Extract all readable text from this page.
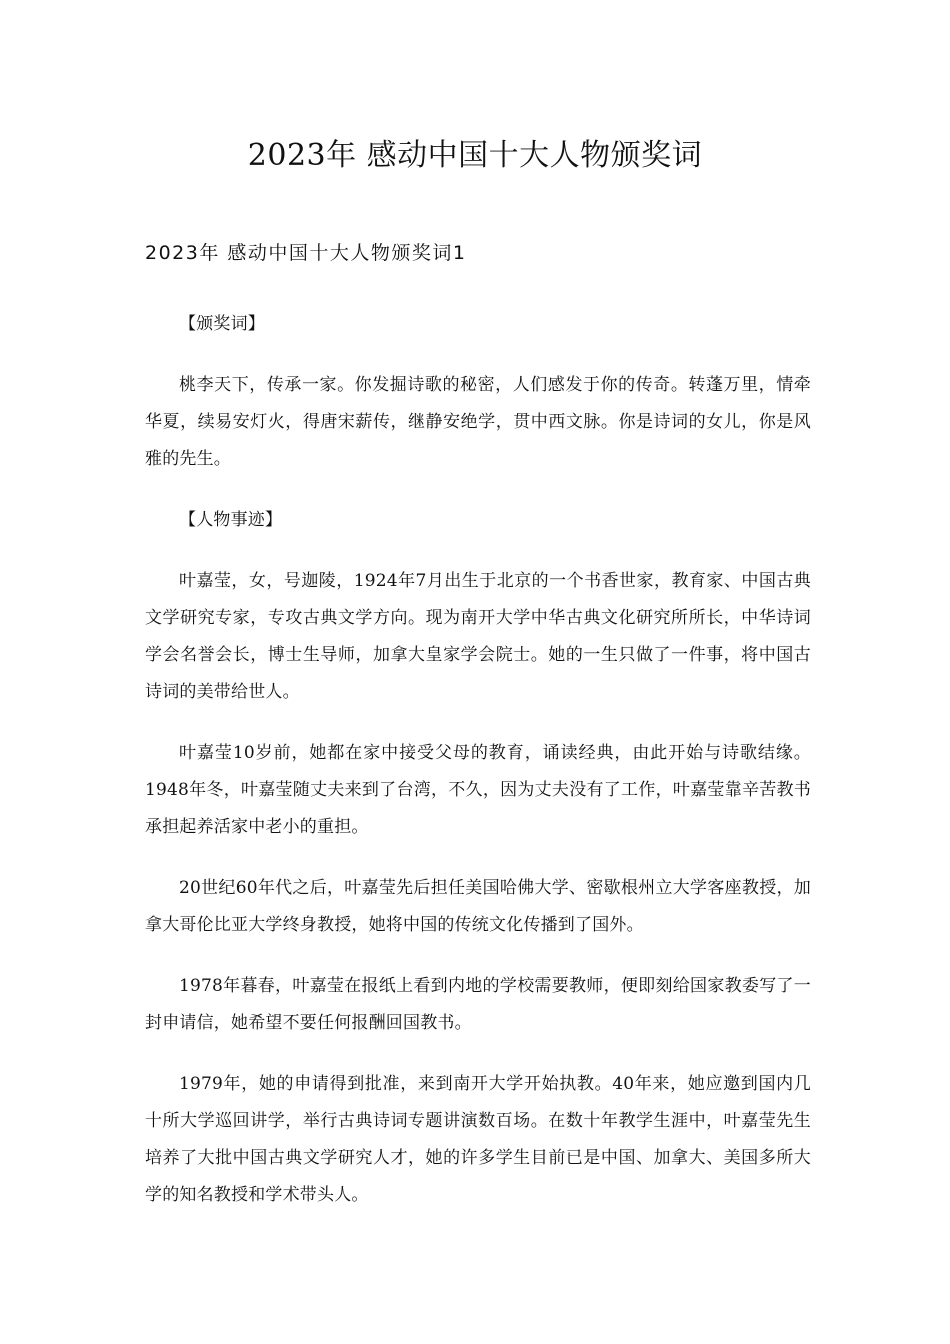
2023年 感动中国十大人物颁奖词
2023年 感动中国十大人物颁奖词1

【颁奖词】

桃李天下，传承一家。你发掘诗歌的秘密，人们感发于你的传奇。转蓬万里，情牵华夏，续易安灯火，得唐宋薪传，继静安绝学，贯中西文脉。你是诗词的女儿，你是风雅的先生。

【人物事迹】

叶嘉莹，女，号迦陵，1924年7月出生于北京的一个书香世家，教育家、中国古典文学研究专家，专攻古典文学方向。现为南开大学中华古典文化研究所所长，中华诗词学会名誉会长，博士生导师，加拿大皇家学会院士。她的一生只做了一件事，将中国古诗词的美带给世人。

叶嘉莹10岁前，她都在家中接受父母的教育，诵读经典，由此开始与诗歌结缘。1948年冬，叶嘉莹随丈夫来到了台湾，不久，因为丈夫没有了工作，叶嘉莹靠辛苦教书承担起养活家中老小的重担。

20世纪60年代之后，叶嘉莹先后担任美国哈佛大学、密歇根州立大学客座教授，加拿大哥伦比亚大学终身教授，她将中国的传统文化传播到了国外。

1978年暮春，叶嘉莹在报纸上看到内地的学校需要教师，便即刻给国家教委写了一封申请信，她希望不要任何报酬回国教书。

1979年，她的申请得到批准，来到南开大学开始执教。40年来，她应邀到国内几十所大学巡回讲学，举行古典诗词专题讲演数百场。在数十年教学生涯中，叶嘉莹先生培养了大批中国古典文学研究人才，她的许多学生目前已是中国、加拿大、美国多所大学的知名教授和学术带头人。
